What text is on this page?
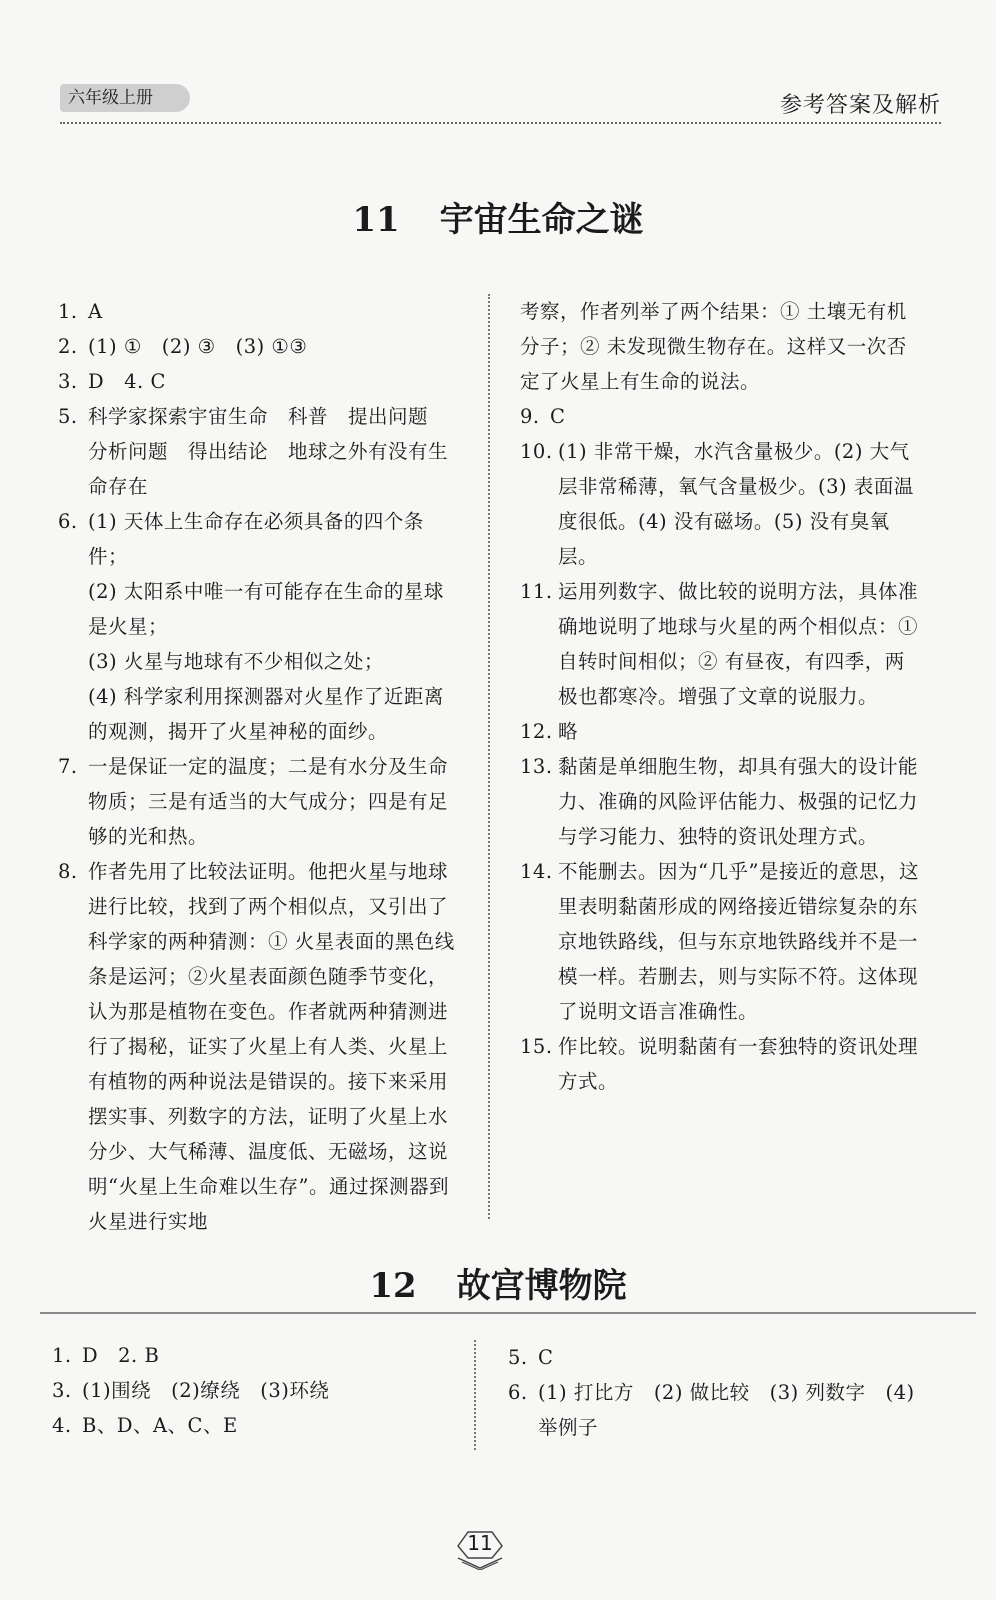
六年级上册	参考答案及解析
11 宇宙生命之谜
1. A
2. (1) ①　(2) ③　(3) ①③
3. D　4. C
5. 科学家探索宇宙生命　科普　提出问题　分析问题　得出结论　地球之外有没有生命存在
6. (1) 天体上生命存在必须具备的四个条件；
(2) 太阳系中唯一有可能存在生命的星球是火星；
(3) 火星与地球有不少相似之处；
(4) 科学家利用探测器对火星作了近距离的观测，揭开了火星神秘的面纱。
7. 一是保证一定的温度；二是有水分及生命物质；三是有适当的大气成分；四是有足够的光和热。
8. 作者先用了比较法证明。他把火星与地球进行比较，找到了两个相似点，又引出了科学家的两种猜测：① 火星表面的黑色线条是运河；②火星表面颜色随季节变化，认为那是植物在变色。作者就两种猜测进行了揭秘，证实了火星上有人类、火星上有植物的两种说法是错误的。接下来采用摆实事、列数字的方法，证明了火星上水分少、大气稀薄、温度低、无磁场，这说明“火星上生命难以生存”。通过探测器到火星进行实地
考察，作者列举了两个结果：① 土壤无有机分子；② 未发现微生物存在。这样又一次否定了火星上有生命的说法。
9. C
10. (1) 非常干燥，水汽含量极少。(2) 大气层非常稀薄，氧气含量极少。(3) 表面温度很低。(4) 没有磁场。(5) 没有臭氧层。
11. 运用列数字、做比较的说明方法，具体准确地说明了地球与火星的两个相似点：① 自转时间相似；② 有昼夜，有四季，两极也都寒冷。增强了文章的说服力。
12. 略
13. 黏菌是单细胞生物，却具有强大的设计能力、准确的风险评估能力、极强的记忆力与学习能力、独特的资讯处理方式。
14. 不能删去。因为“几乎”是接近的意思，这里表明黏菌形成的网络接近错综复杂的东京地铁路线，但与东京地铁路线并不是一模一样。若删去，则与实际不符。这体现了说明文语言准确性。
15. 作比较。说明黏菌有一套独特的资讯处理方式。
12 故宫博物院
1. D　2. B
3. (1)围绕　(2)缭绕　(3)环绕
4. B、D、A、C、E
5. C
6. (1) 打比方　(2) 做比较　(3) 列数字　(4) 举例子
11
